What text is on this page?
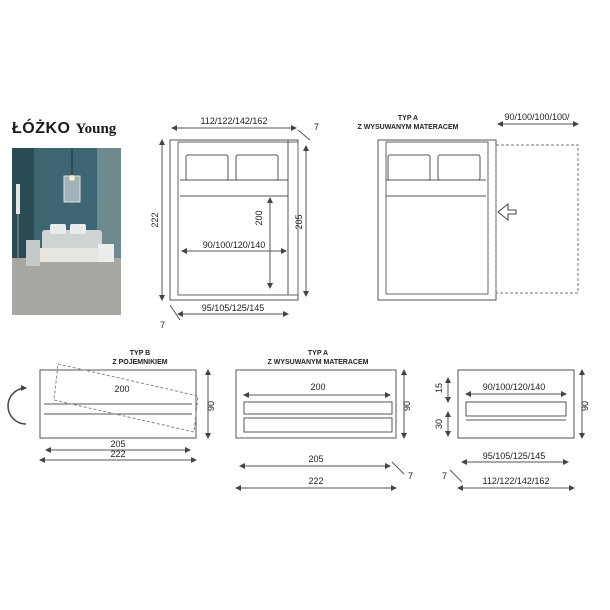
ŁÓŻKO Young	112/122/142/162
222	200	205
90/100/120/140
95/105/125/145
7
7
TYP A
Z WYSUWANYM MATERACEM
90/100/100/100/
TYP B
Z POJEMNIKIEM
200
90
205
222
TYP A
Z WYSUWANYM MATERACEM
200
90
205
222	7
90/100/120/140
90
15
30
95/105/125/145
112/122/142/162
7
